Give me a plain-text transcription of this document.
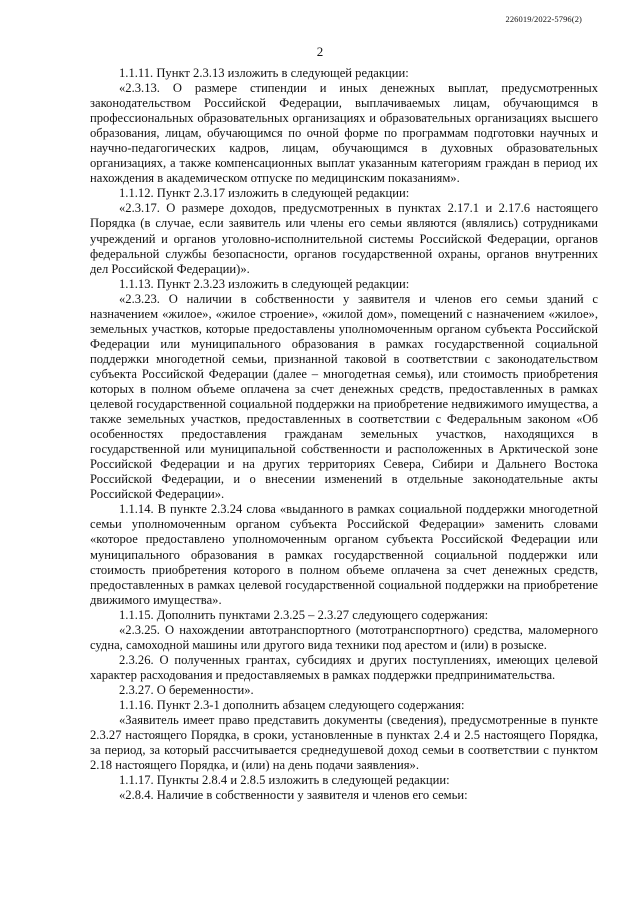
226019/2022-5796(2)
2

1.1.11. Пункт 2.3.13 изложить в следующей редакции:

«2.3.13. О размере стипендии и иных денежных выплат, предусмотренных законодательством Российской Федерации, выплачиваемых лицам, обучающимся в профессиональных образовательных организациях и образовательных организациях высшего образования, лицам, обучающимся по очной форме по программам подготовки научных и научно-педагогических кадров, лицам, обучающимся в духовных образовательных организациях, а также компенсационных выплат указанным категориям граждан в период их нахождения в академическом отпуске по медицинским показаниям».

1.1.12. Пункт 2.3.17 изложить в следующей редакции:

«2.3.17. О размере доходов, предусмотренных в пунктах 2.17.1 и 2.17.6 настоящего Порядка (в случае, если заявитель или члены его семьи являются (являлись) сотрудниками учреждений и органов уголовно-исполнительной системы Российской Федерации, органов федеральной службы безопасности, органов государственной охраны, органов внутренних дел Российской Федерации)».

1.1.13. Пункт 2.3.23 изложить в следующей редакции:

«2.3.23. О наличии в собственности у заявителя и членов его семьи зданий с назначением «жилое», «жилое строение», «жилой дом», помещений с назначением «жилое», земельных участков, которые предоставлены уполномоченным органом субъекта Российской Федерации или муниципального образования в рамках государственной социальной поддержки многодетной семьи, признанной таковой в соответствии с законодательством субъекта Российской Федерации (далее – многодетная семья), или стоимость приобретения которых в полном объеме оплачена за счет денежных средств, предоставленных в рамках целевой государственной социальной поддержки на приобретение недвижимого имущества, а также земельных участков, предоставленных в соответствии с Федеральным законом «Об особенностях предоставления гражданам земельных участков, находящихся в государственной или муниципальной собственности и расположенных в Арктической зоне Российской Федерации и на других территориях Севера, Сибири и Дальнего Востока Российской Федерации, и о внесении изменений в отдельные законодательные акты Российской Федерации».

1.1.14. В пункте 2.3.24 слова «выданного в рамках социальной поддержки многодетной семьи уполномоченным органом субъекта Российской Федерации» заменить словами «которое предоставлено уполномоченным органом субъекта Российской Федерации или муниципального образования в рамках государственной социальной поддержки или стоимость приобретения которого в полном объеме оплачена за счет денежных средств, предоставленных в рамках целевой государственной социальной поддержки на приобретение движимого имущества».

1.1.15. Дополнить пунктами 2.3.25 – 2.3.27 следующего содержания:

«2.3.25. О нахождении автотранспортного (мототранспортного) средства, маломерного судна, самоходной машины или другого вида техники под арестом и (или) в розыске.

2.3.26. О полученных грантах, субсидиях и других поступлениях, имеющих целевой характер расходования и предоставляемых в рамках поддержки предпринимательства.

2.3.27. О беременности».

1.1.16. Пункт 2.3-1 дополнить абзацем следующего содержания:

«Заявитель имеет право представить документы (сведения), предусмотренные в пункте 2.3.27 настоящего Порядка, в сроки, установленные в пунктах 2.4 и 2.5 настоящего Порядка, за период, за который рассчитывается среднедушевой доход семьи в соответствии с пунктом 2.18 настоящего Порядка, и (или) на день подачи заявления».

1.1.17. Пункты 2.8.4 и 2.8.5 изложить в следующей редакции:

«2.8.4. Наличие в собственности у заявителя и членов его семьи:
